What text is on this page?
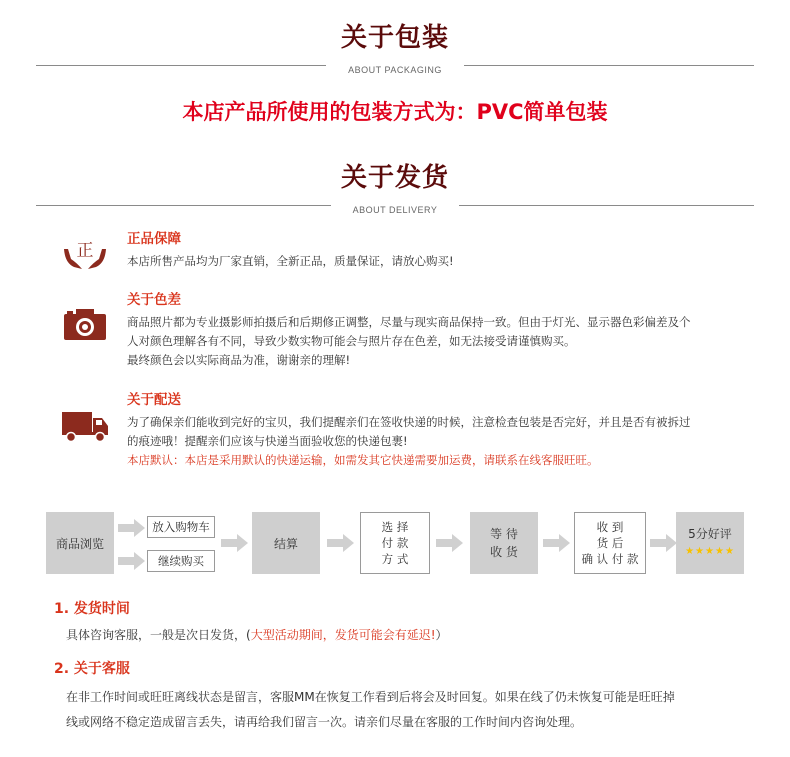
关于包装
ABOUT PACKAGING
本店产品所使用的包装方式为：PVC简单包装
关于发货
ABOUT DELIVERY
正
正品保障
本店所售产品均为厂家直销，全新正品，质量保证，请放心购买!
关于色差
商品照片都为专业摄影师拍摄后和后期修正调整，尽量与现实商品保持一致。但由于灯光、显示器色彩偏差及个
人对颜色理解各有不同，导致少数实物可能会与照片存在色差，如无法接受请谨慎购买。
最终颜色会以实际商品为准，谢谢亲的理解!
关于配送
为了确保亲们能收到完好的宝贝，我们提醒亲们在签收快递的时候，注意检查包装是否完好，并且是否有被拆过
的痕迹哦！提醒亲们应该与快递当面验收您的快递包裹!
本店默认：本店是采用默认的快递运输，如需发其它快递需要加运费，请联系在线客服旺旺。
商品浏览
放入购物车
继续购买
结算
选 择
付 款
方 式
等 待
收 货
收 到
货 后
确 认 付 款
5分好评
★★★★★
1. 发货时间
具体咨询客服，一般是次日发货，(大型活动期间，发货可能会有延迟!）
2. 关于客服
在非工作时间或旺旺离线状态是留言，客服MM在恢复工作看到后将会及时回复。如果在线了仍未恢复可能是旺旺掉
线或网络不稳定造成留言丢失，请再给我们留言一次。请亲们尽量在客服的工作时间内咨询处理。
